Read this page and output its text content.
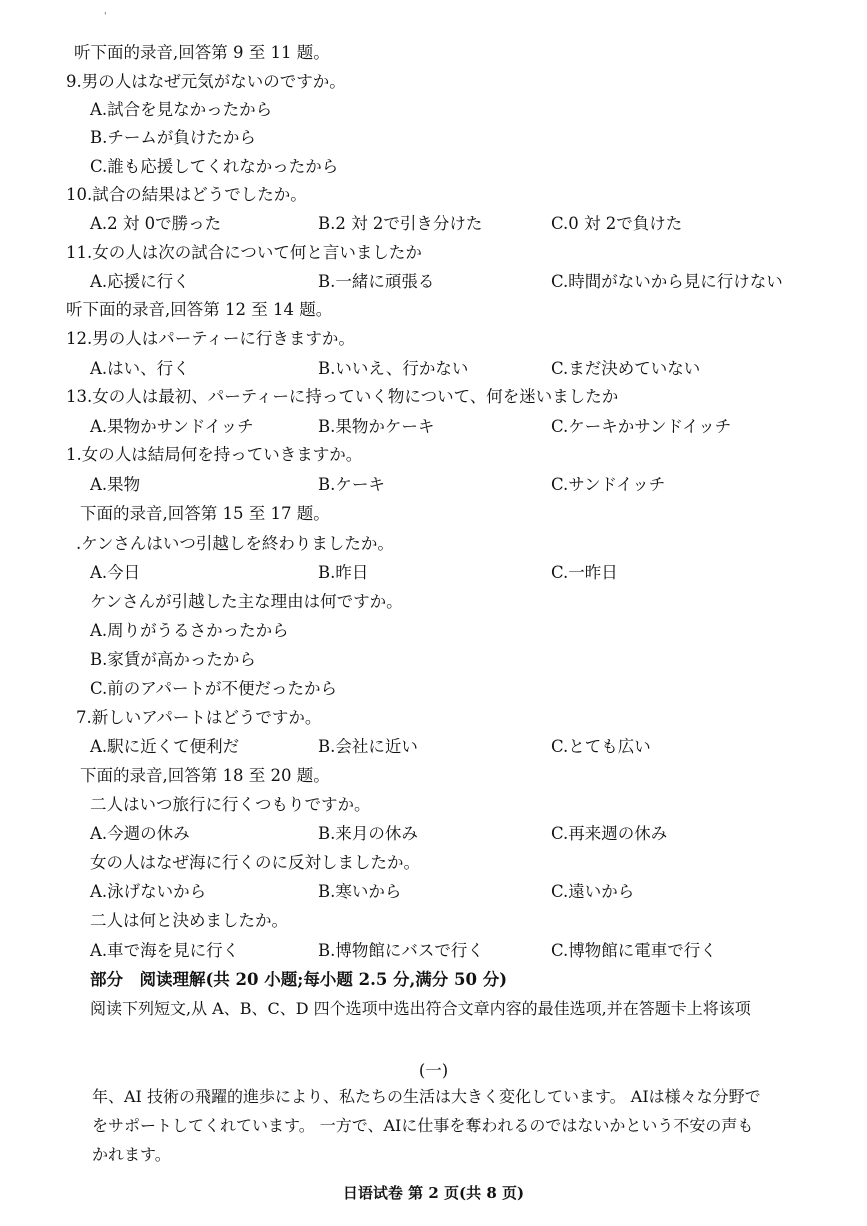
'
听下面的录音,回答第 9 至 11 题。
9.男の人はなぜ元気がないのですか。
A.試合を見なかったから
B.チームが負けたから
C.誰も応援してくれなかったから
10.試合の結果はどうでしたか。
A.2 対 0で勝った	B.2 対 2で引き分けた	C.0 対 2で負けた
11.女の人は次の試合について何と言いましたか
A.応援に行く	B.一緒に頑張る	C.時間がないから見に行けない
听下面的录音,回答第 12 至 14 题。
12.男の人はパーティーに行きますか。
A.はい、行く	B.いいえ、行かない	C.まだ決めていない
13.女の人は最初、パーティーに持っていく物について、何を迷いましたか
A.果物かサンドイッチ	B.果物かケーキ	C.ケーキかサンドイッチ
1.女の人は結局何を持っていきますか。
A.果物	B.ケーキ	C.サンドイッチ
下面的录音,回答第 15 至 17 题。
.ケンさんはいつ引越しを終わりましたか。
A.今日	B.昨日	C.一昨日
ケンさんが引越した主な理由は何ですか。
A.周りがうるさかったから
B.家賃が高かったから
C.前のアパートが不便だったから
7.新しいアパートはどうですか。
A.駅に近くて便利だ	B.会社に近い	C.とても広い
下面的录音,回答第 18 至 20 题。
二人はいつ旅行に行くつもりですか。
A.今週の休み	B.来月の休み	C.再来週の休み
女の人はなぜ海に行くのに反対しましたか。
A.泳げないから	B.寒いから	C.遠いから
二人は何と決めましたか。
A.車で海を見に行く	B.博物館にバスで行く	C.博物館に電車で行く
部分　阅读理解(共 20 小题;每小题 2.5 分,满分 50 分)
阅读下列短文,从 A、B、C、D 四个选项中选出符合文章内容的最佳选项,并在答题卡上将该项
(一)
年、AI 技術の飛躍的進歩により、私たちの生活は大きく変化しています。 AIは様々な分野で
をサポートしてくれています。 一方で、AIに仕事を奪われるのではないかという不安の声も
かれます。
日语试卷 第 2 页(共 8 页)
